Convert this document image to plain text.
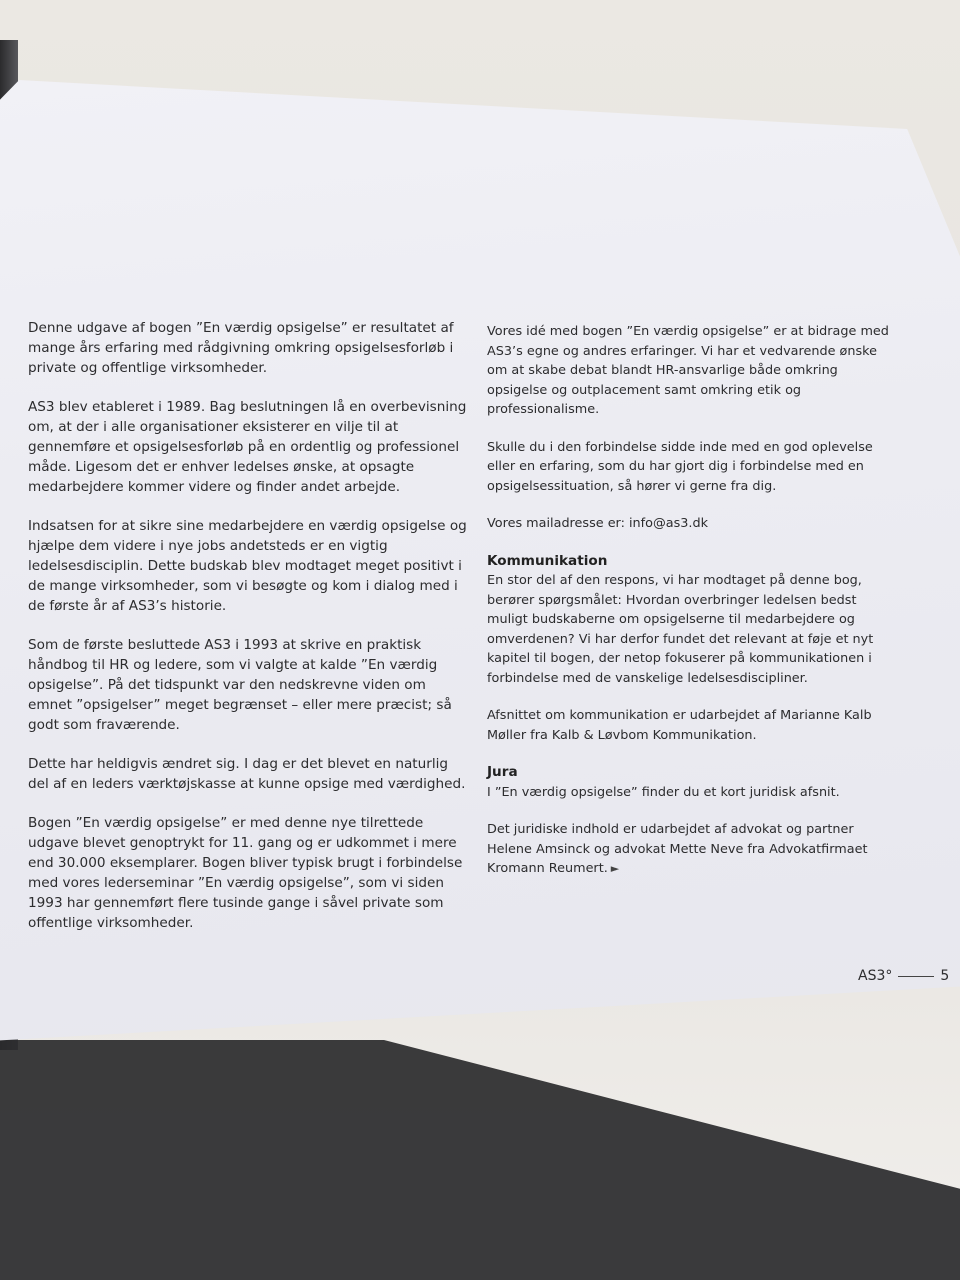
Denne udgave af bogen ”En værdig opsigelse” er resultatet af mange års erfaring med rådgivning omkring opsigelsesforløb i private og offentlige virksomheder.

AS3 blev etableret i 1989. Bag beslutningen lå en overbevisning om, at der i alle organisationer eksisterer en vilje til at gennemføre et opsigelsesforløb på en ordentlig og professionel måde. Ligesom det er enhver ledelses ønske, at opsagte medarbejdere kommer videre og finder andet arbejde.

Indsatsen for at sikre sine medarbejdere en værdig opsigelse og hjælpe dem videre i nye jobs andetsteds er en vigtig ledelsesdisciplin. Dette budskab blev modtaget meget positivt i de mange virksomheder, som vi besøgte og kom i dialog med i de første år af AS3’s historie.

Som de første besluttede AS3 i 1993 at skrive en praktisk håndbog til HR og ledere, som vi valgte at kalde ”En værdig opsigelse”. På det tidspunkt var den nedskrevne viden om emnet ”opsigelser” meget begrænset – eller mere præcist; så godt som fraværende.

Dette har heldigvis ændret sig. I dag er det blevet en naturlig del af en leders værktøjskasse at kunne opsige med værdighed.

Bogen ”En værdig opsigelse” er med denne nye tilrettede udgave blevet genoptrykt for 11. gang og er udkommet i mere end 30.000 eksemplarer. Bogen bliver typisk brugt i forbindelse med vores lederseminar ”En værdig opsigelse”, som vi siden 1993 har gennemført flere tusinde gange i såvel private som offentlige virksomheder.

Vores idé med bogen ”En værdig opsigelse” er at bidrage med AS3’s egne og andres erfaringer. Vi har et vedvarende ønske om at skabe debat blandt HR-ansvarlige både omkring opsigelse og outplacement samt omkring etik og professionalisme.

Skulle du i den forbindelse sidde inde med en god oplevelse eller en erfaring, som du har gjort dig i forbindelse med en opsigelsessituation, så hører vi gerne fra dig.

Vores mailadresse er: info@as3.dk

Kommunikation

En stor del af den respons, vi har modtaget på denne bog, berører spørgsmålet: Hvordan overbringer ledelsen bedst muligt budskaberne om opsigelserne til medarbejdere og omverdenen? Vi har derfor fundet det relevant at føje et nyt kapitel til bogen, der netop fokuserer på kommunikationen i forbindelse med de vanskelige ledelsesdiscipliner.

Afsnittet om kommunikation er udarbejdet af Marianne Kalb Møller fra Kalb & Løvbom Kommunikation.

Jura

I ”En værdig opsigelse” finder du et kort juridisk afsnit.

Det juridiske indhold er udarbejdet af advokat og partner Helene Amsinck og advokat Mette Neve fra Advokatfirmaet Kromann Reumert. ►

AS3°	5
